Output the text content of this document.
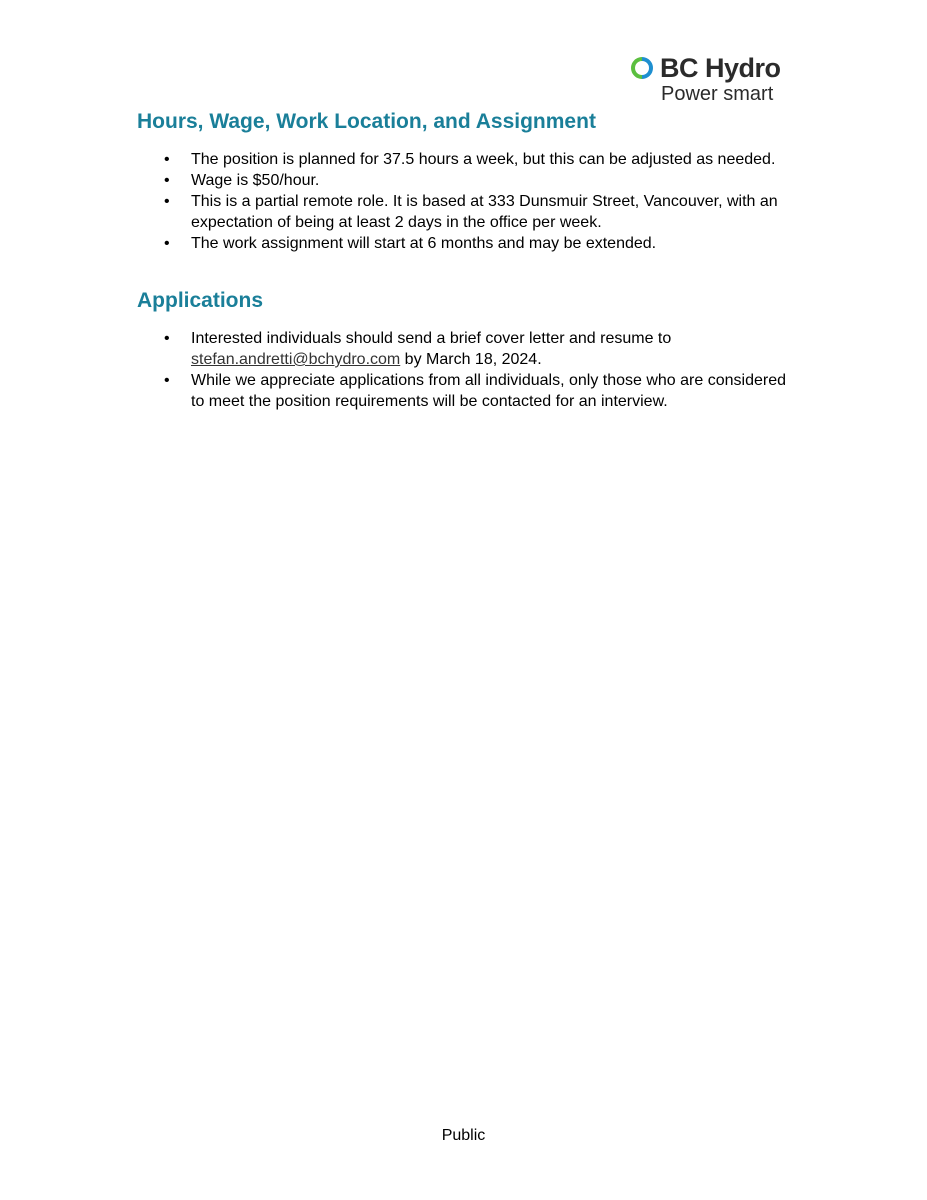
BC Hydro
Power smart
Hours, Wage, Work Location, and Assignment
• The position is planned for 37.5 hours a week, but this can be adjusted as needed.
• Wage is $50/hour.
• This is a partial remote role. It is based at 333 Dunsmuir Street, Vancouver, with an expectation of being at least 2 days in the office per week.
• The work assignment will start at 6 months and may be extended.
Applications
• Interested individuals should send a brief cover letter and resume to stefan.andretti@bchydro.com by March 18, 2024.
• While we appreciate applications from all individuals, only those who are considered to meet the position requirements will be contacted for an interview.
Public
